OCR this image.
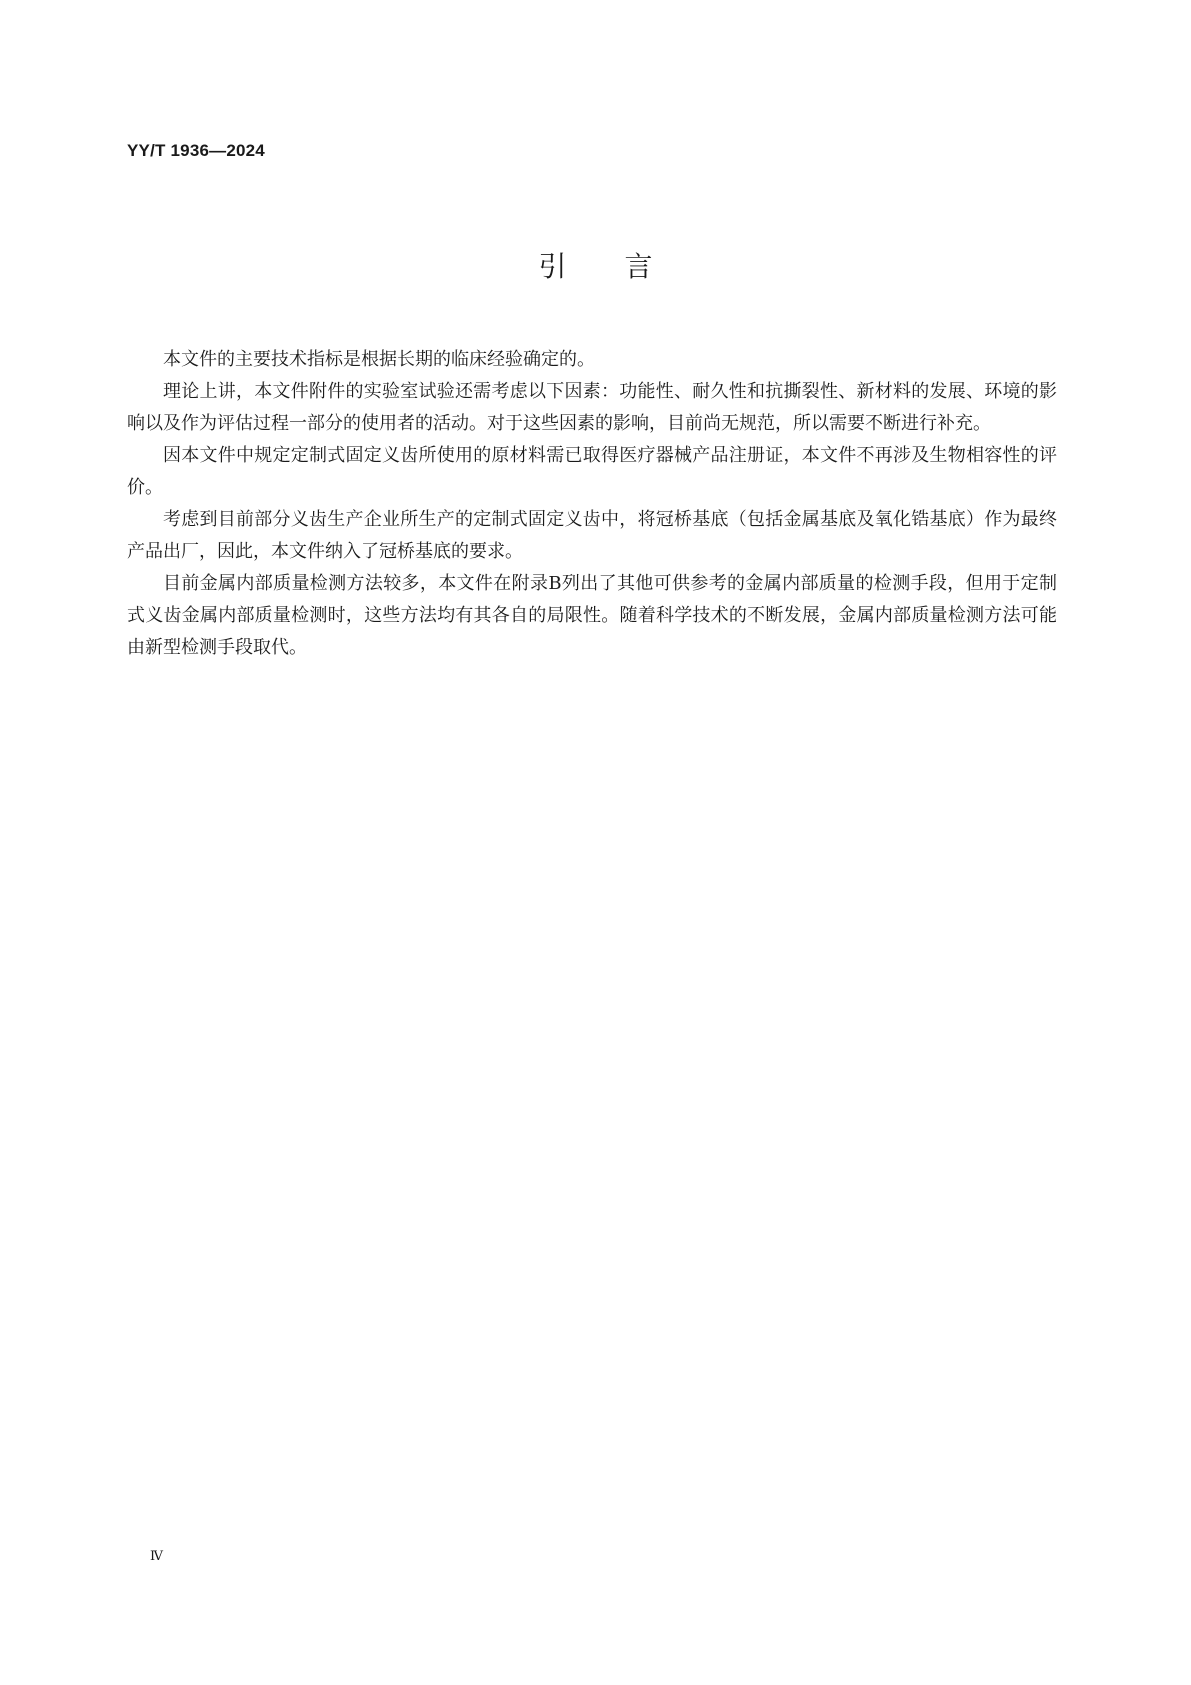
YY/T 1936—2024
引言

本文件的主要技术指标是根据长期的临床经验确定的。

理论上讲，本文件附件的实验室试验还需考虑以下因素：功能性、耐久性和抗撕裂性、新材料的发展、环境的影响以及作为评估过程一部分的使用者的活动。对于这些因素的影响，目前尚无规范，所以需要不断进行补充。

因本文件中规定定制式固定义齿所使用的原材料需已取得医疗器械产品注册证，本文件不再涉及生物相容性的评价。

考虑到目前部分义齿生产企业所生产的定制式固定义齿中，将冠桥基底（包括金属基底及氧化锆基底）作为最终产品出厂，因此，本文件纳入了冠桥基底的要求。

目前金属内部质量检测方法较多，本文件在附录B列出了其他可供参考的金属内部质量的检测手段，但用于定制式义齿金属内部质量检测时，这些方法均有其各自的局限性。随着科学技术的不断发展，金属内部质量检测方法可能由新型检测手段取代。

Ⅳ
